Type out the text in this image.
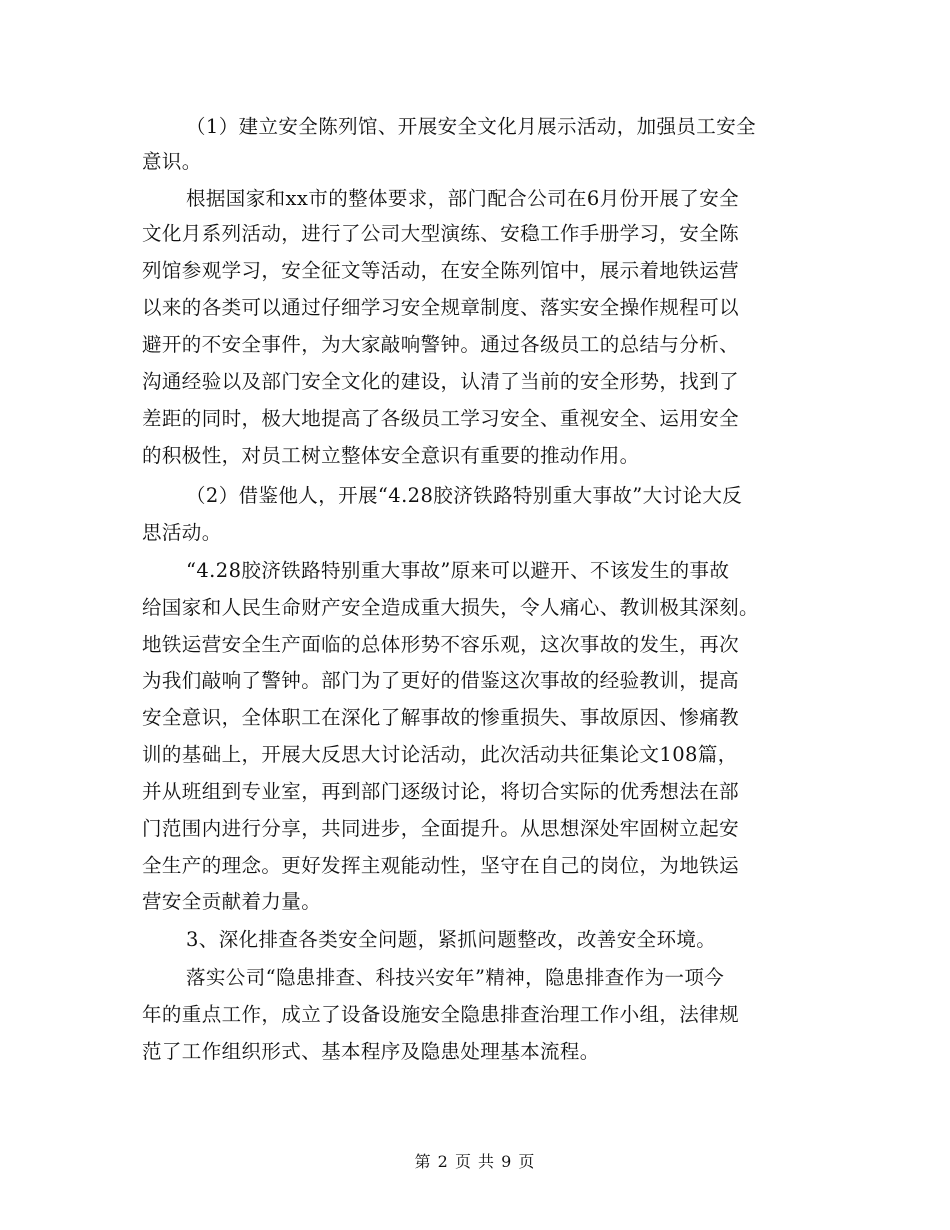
（1）建立安全陈列馆、开展安全文化月展示活动，加强员工安全
意识。
根据国家和xx市的整体要求，部门配合公司在6月份开展了安全
文化月系列活动，进行了公司大型演练、安稳工作手册学习，安全陈
列馆参观学习，安全征文等活动，在安全陈列馆中，展示着地铁运营
以来的各类可以通过仔细学习安全规章制度、落实安全操作规程可以
避开的不安全事件，为大家敲响警钟。通过各级员工的总结与分析、
沟通经验以及部门安全文化的建设，认清了当前的安全形势，找到了
差距的同时，极大地提高了各级员工学习安全、重视安全、运用安全
的积极性，对员工树立整体安全意识有重要的推动作用。
（2）借鉴他人，开展“4.28胶济铁路特别重大事故”大讨论大反
思活动。
“4.28胶济铁路特别重大事故”原来可以避开、不该发生的事故
给国家和人民生命财产安全造成重大损失，令人痛心、教训极其深刻。
地铁运营安全生产面临的总体形势不容乐观，这次事故的发生，再次
为我们敲响了警钟。部门为了更好的借鉴这次事故的经验教训，提高
安全意识，全体职工在深化了解事故的惨重损失、事故原因、惨痛教
训的基础上，开展大反思大讨论活动，此次活动共征集论文108篇，
并从班组到专业室，再到部门逐级讨论，将切合实际的优秀想法在部
门范围内进行分享，共同进步，全面提升。从思想深处牢固树立起安
全生产的理念。更好发挥主观能动性，坚守在自己的岗位，为地铁运
营安全贡献着力量。
3、深化排查各类安全问题，紧抓问题整改，改善安全环境。
落实公司“隐患排查、科技兴安年”精神，隐患排查作为一项今
年的重点工作，成立了设备设施安全隐患排查治理工作小组，法律规
范了工作组织形式、基本程序及隐患处理基本流程。
第 2 页 共 9 页
